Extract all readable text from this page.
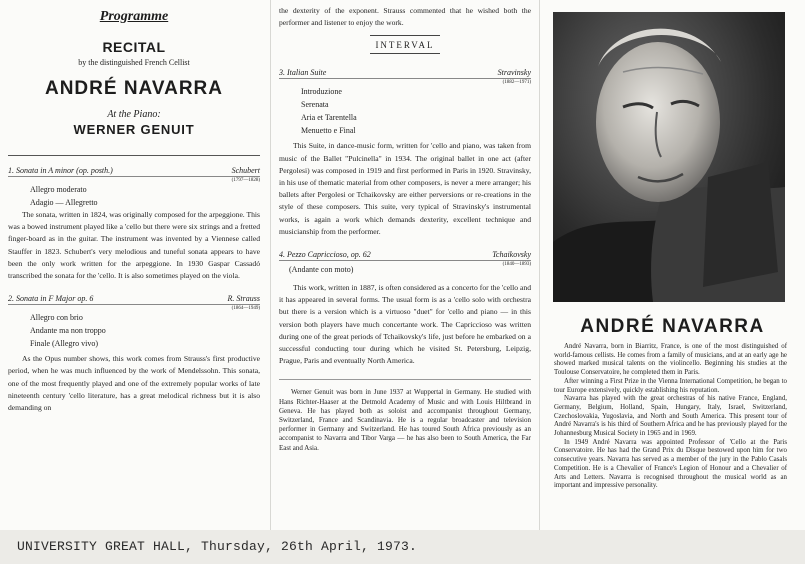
Programme
RECITAL
by the distinguished French Cellist
ANDRÉ NAVARRA
At the Piano:
WERNER GENUIT
1. Sonata in A minor (op. posth.)	Schubert
(1797—1828)
Allegro moderato
Adagio — Allegretto

The sonata, written in 1824, was originally composed for the arpeggione. This was a bowed instrument played like a 'cello but there were six strings and a fretted finger-board as in the guitar. The instrument was invented by a Viennese called Stauffer in 1823. Schubert's very melodious and tuneful sonata appears to have been the only work written for the arpeggione. In 1930 Gaspar Cassadó transcribed the sonata for the 'cello. It is also sometimes played on the viola.

2. Sonata in F Major op. 6	R. Strauss
(1864—1949)
Allegro con brio
Andante ma non troppo
Finale (Allegro vivo)

As the Opus number shows, this work comes from Strauss's first productive period, when he was much influenced by the work of Mendelssohn. This sonata, one of the most frequently played and one of the extremely popular works of late nineteenth century 'cello literature, has a great melodical richness but it is also demanding on

the dexterity of the exponent. Strauss commented that he wished both the performer and listener to enjoy the work.

INTERVAL
3. Italian Suite	Stravinsky
(1882—1971)
Introduzione
Serenata
Aria et Tarentella
Menuetto e Final

This Suite, in dance-music form, written for 'cello and piano, was taken from music of the Ballet "Pulcinella" in 1934. The original ballet in one act (after Pergolesi) was composed in 1919 and first performed in Paris in 1920. Stravinsky, in his use of thematic material from other composers, is never a mere arranger; his ballets after Pergolesi or Tchaikovsky are either perversions or re-creations in the style of these composers. This suite, very typical of Stravinsky's instrumental works, is again a work which demands dexterity, excellent technique and musicianship from the performer.

4. Pezzo Capriccioso, op. 62	Tchaikovsky
(1840—1893)
(Andante con moto)

This work, written in 1887, is often considered as a concerto for the 'cello and it has appeared in several forms. The usual form is as a 'cello solo with orchestra but there is a version which is a virtuoso "duet" for 'cello and piano — in this version both players have much concertante work. The Capriccioso was written during one of the great periods of Tchaikovsky's life, just before he embarked on a successful conducting tour during which he visited St. Petersburg, Leipzig, Prague, Paris and eventually North America.

Werner Genuit was born in June 1937 at Wuppertal in Germany. He studied with Hans Richter-Haaser at the Detmold Academy of Music and with Louis Hiltbrand in Geneva. He has played both as soloist and accompanist throughout Germany, Switzerland, France and Scandinavia. He is a regular broadcaster and television performer in Germany and Switzerland. He has toured South Africa previously as an accompanist to Navarra and Tibor Varga — he has also been to South America, the Far East and Asia.
ANDRÉ NAVARRA

André Navarra, born in Biarritz, France, is one of the most distinguished of world-famous cellists. He comes from a family of musicians, and at an early age he showed marked musical talents on the violincello. Beginning his studies at the Toulouse Conservatoire, he completed them in Paris.

After winning a First Prize in the Vienna International Competition, he began to tour Europe extensively, quickly establishing his reputation.

Navarra has played with the great orchestras of his native France, England, Germany, Belgium, Holland, Spain, Hungary, Italy, Israel, Switzerland, Czechoslovakia, Yugoslavia, and North and South America. This present tour of André Navarra's is his third of Southern Africa and he has previously played for the Johannesburg Musical Society in 1965 and in 1969.

In 1949 André Navarra was appointed Professor of 'Cello at the Paris Conservatoire. He has had the Grand Prix du Disque bestowed upon him for two consecutive years. Navarra has served as a member of the jury in the Pablo Casals Competition. He is a Chevalier of France's Legion of Honour and a Chevalier of Arts and Letters. Navarra is recognised throughout the musical world as an important and impressive personality.

UNIVERSITY GREAT HALL, Thursday, 26th April, 1973.
